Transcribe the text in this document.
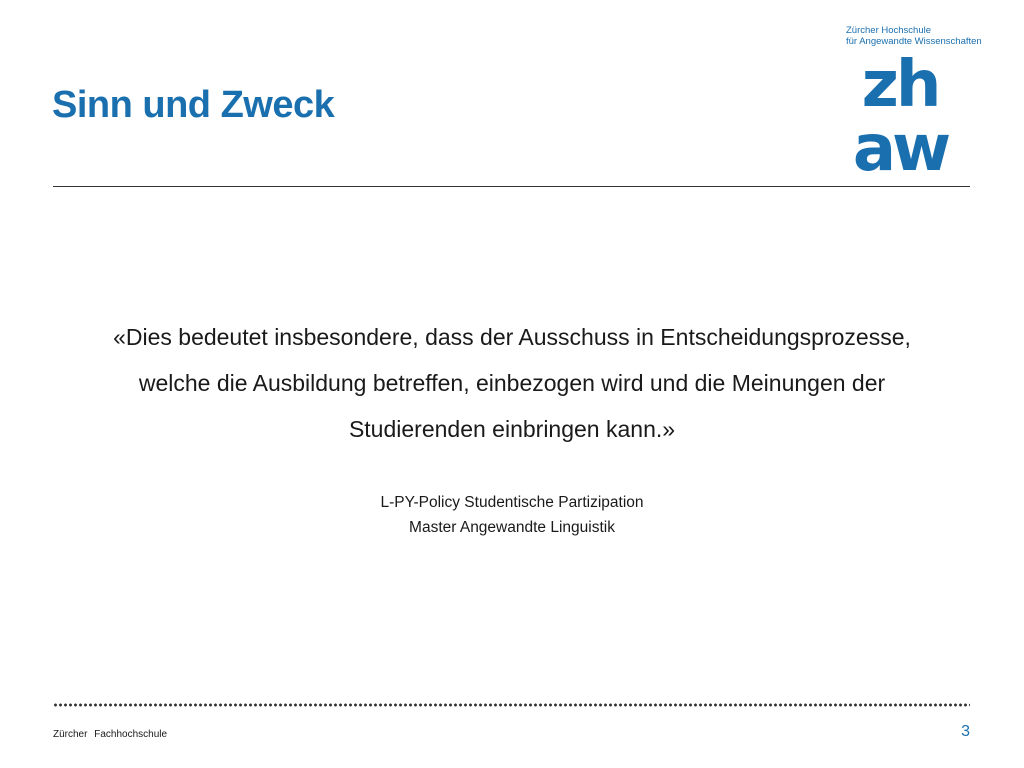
Sinn und Zweck
Zürcher Hochschule
für Angewandte Wissenschaften
zh
aw
«Dies bedeutet insbesondere, dass der Ausschuss in Entscheidungsprozesse,
welche die Ausbildung betreffen, einbezogen wird und die Meinungen der
Studierenden einbringen kann.»
L-PY-Policy Studentische Partizipation
Master Angewandte Linguistik
Zürcher Fachhochschule	3
